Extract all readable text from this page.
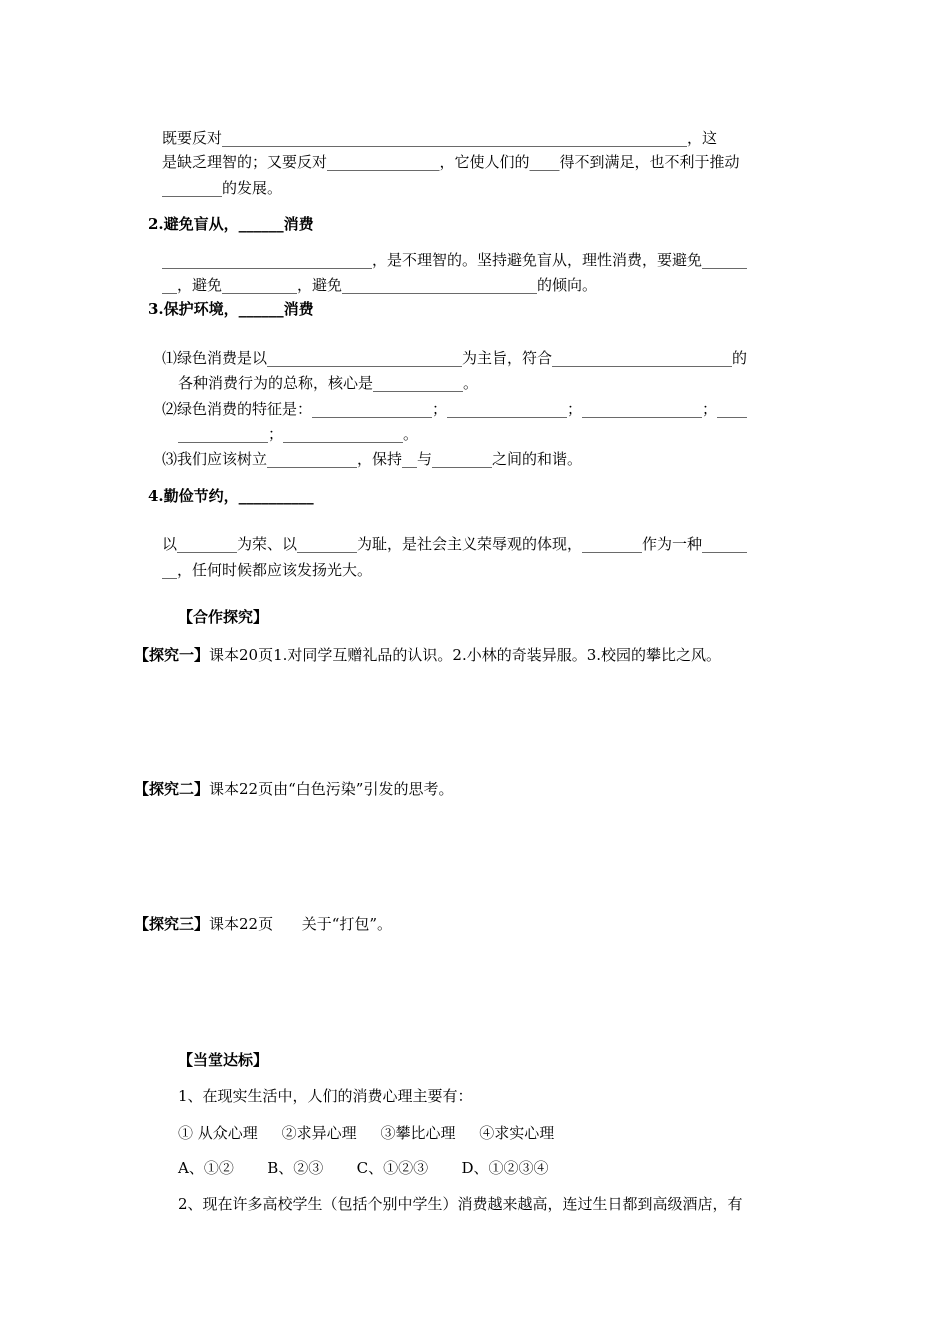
既要反对______________________________________________________________，这
是缺乏理智的；又要反对_______________，它使人们的____得不到满足，也不利于推动
________的发展。
2.避免盲从，______消费
____________________________，是不理智的。坚持避免盲从，理性消费，要避免______
__，避免__________，避免__________________________的倾向。
3.保护环境，______消费
⑴绿色消费是以__________________________为主旨，符合________________________的
各种消费行为的总称，核心是____________。
⑵绿色消费的特征是：________________；________________；________________；____
____________；________________。
⑶我们应该树立____________，保持__与________之间的和谐。
4.勤俭节约，__________
以________为荣、以________为耻，是社会主义荣辱观的体现，________作为一种______
__，任何时候都应该发扬光大。
【合作探究】
【探究一】课本20页1.对同学互赠礼品的认识。2.小林的奇装异服。3.校园的攀比之风。
【探究二】课本22页由“白色污染”引发的思考。
【探究三】课本22页      关于“打包”。
【当堂达标】
1、在现实生活中，人们的消费心理主要有：
① 从众心理     ②求异心理     ③攀比心理     ④求实心理
A、①②       B、②③       C、①②③       D、①②③④
2、现在许多高校学生（包括个别中学生）消费越来越高，连过生日都到高级酒店，有
